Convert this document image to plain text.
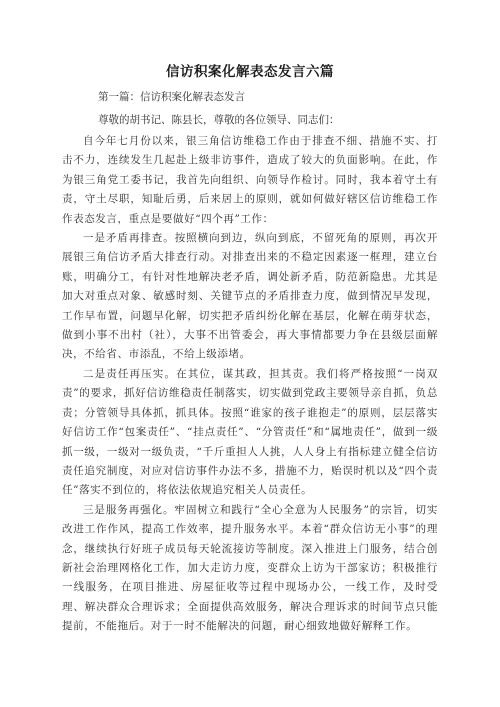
信访积案化解表态发言六篇

第一篇：信访积案化解表态发言

尊敬的胡书记、陈县长，尊敬的各位领导、同志们：

自今年七月份以来，银三角信访维稳工作由于排查不细、措施不实、打击不力，连续发生几起赴上级非访事件，造成了较大的负面影响。在此，作为银三角党工委书记，我首先向组织、向领导作检讨。同时，我本着守土有责，守土尽职，知耻后勇，后来居上的原则，就如何做好辖区信访维稳工作作表态发言，重点是要做好“四个再”工作：

一是矛盾再排查。按照横向到边，纵向到底，不留死角的原则，再次开展银三角信访矛盾大排查行动。对排查出来的不稳定因素逐一框理，建立台账，明确分工，有针对性地解决老矛盾，调处新矛盾，防范新隐患。尤其是加大对重点对象、敏感时刻、关键节点的矛盾排查力度，做到情况早发现，工作早布置，问题早化解，切实把矛盾纠纷化解在基层，化解在萌芽状态，做到小事不出村（社），大事不出管委会，再大事情都要力争在县级层面解决，不给省、市添乱，不给上级添堵。

二是责任再压实。在其位，谋其政，担其责。我们将严格按照“一岗双责”的要求，抓好信访维稳责任制落实，切实做到党政主要领导亲自抓，负总责；分管领导具体抓，抓具体。按照“谁家的孩子谁抱走”的原则，层层落实好信访工作“包案责任”、“挂点责任”、“分管责任”和“属地责任”，做到一级抓一级，一级对一级负责，“千斤重担人人挑，人人身上有指标建立健全信访责任追究制度，对应对信访事件办法不多，措施不力，贻误时机以及“四个责任”落实不到位的，将依法依规追究相关人员责任。

三是服务再强化。牢固树立和践行“全心全意为人民服务”的宗旨，切实改进工作作风，提高工作效率，提升服务水平。本着“群众信访无小事”的理念，继续执行好班子成员每天轮流接访等制度。深入推进上门服务，结合创新社会治理网格化工作，加大走访力度，变群众上访为干部家访；积极推行一线服务，在项目推进、房屋征收等过程中现场办公，一线工作，及时受理、解决群众合理诉求；全面提供高效服务，解决合理诉求的时间节点只能提前，不能拖后。对于一时不能解决的问题，耐心细致地做好解释工作。
